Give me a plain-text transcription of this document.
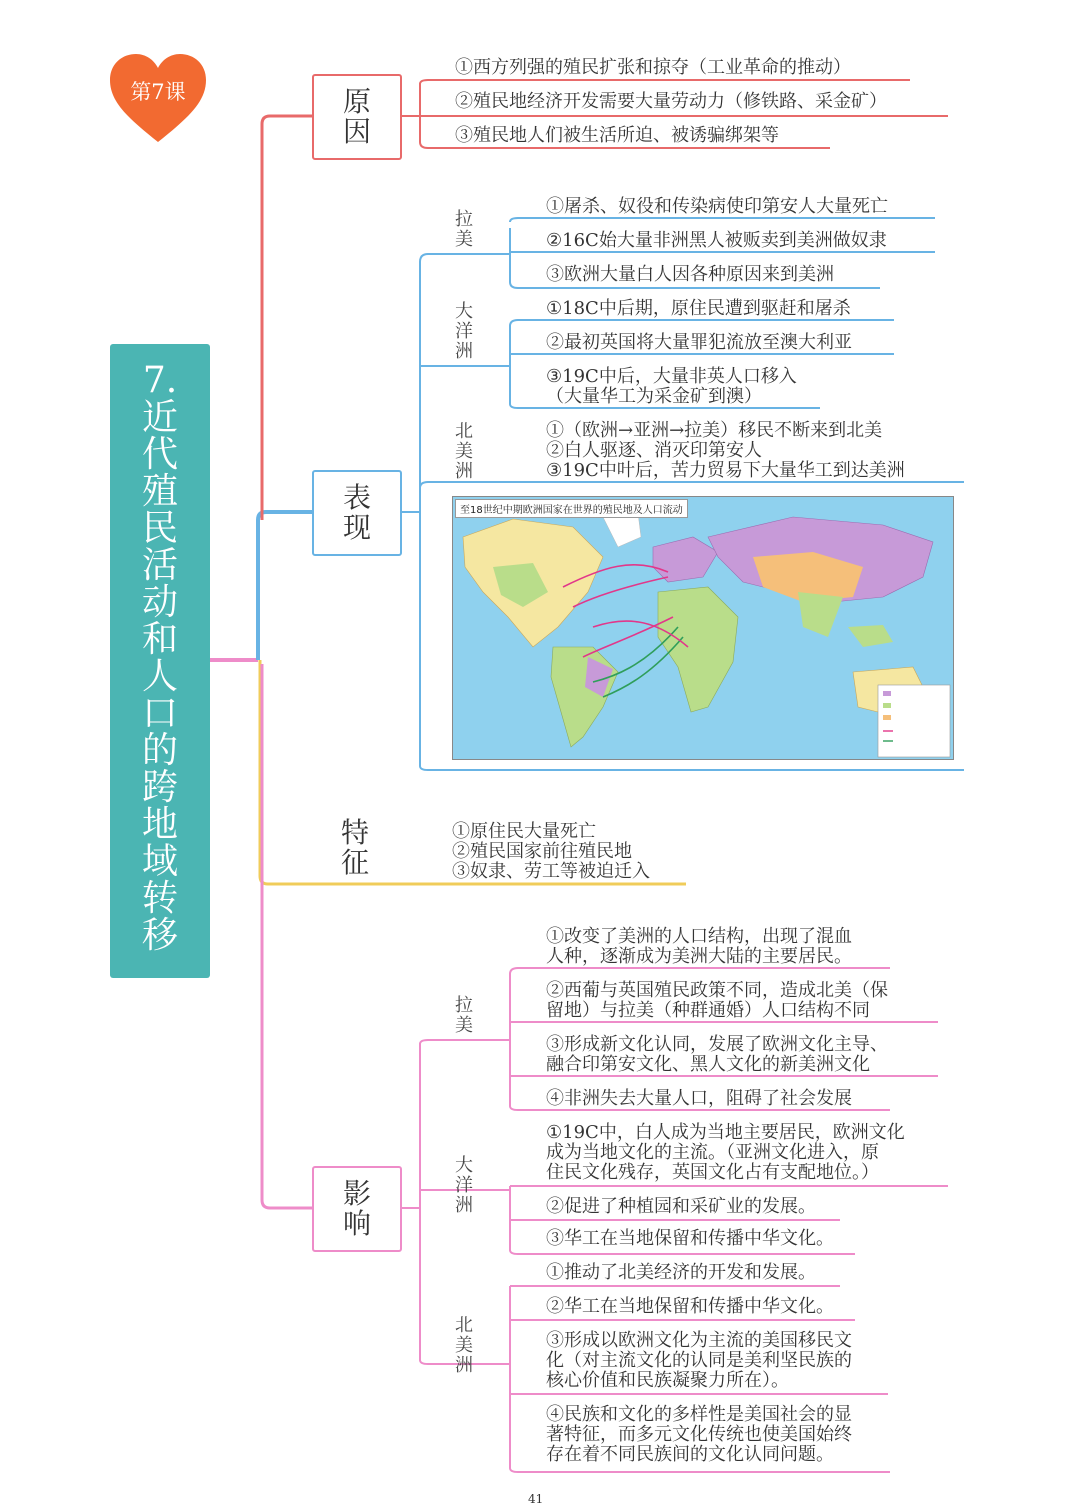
第7课
7.
近代殖民活动和人口的跨地域转移
原因
表现
特征
影响
①西方列强的殖民扩张和掠夺（工业革命的推动）
②殖民地经济开发需要大量劳动力（修铁路、采金矿）
③殖民地人们被生活所迫、被诱骗绑架等
拉美
大洋洲
北美洲
①屠杀、奴役和传染病使印第安人大量死亡
②16C始大量非洲黑人被贩卖到美洲做奴隶
③欧洲大量白人因各种原因来到美洲
①18C中后期，原住民遭到驱赶和屠杀
②最初英国将大量罪犯流放至澳大利亚
③19C中后，大量非英人口移入
（大量华工为采金矿到澳）
①（欧洲→亚洲→拉美）移民不断来到北美
②白人驱逐、消灭印第安人
③19C中叶后，苦力贸易下大量华工到达美洲
至18世纪中期欧洲国家在世界的殖民地及人口流动
①原住民大量死亡
②殖民国家前往殖民地
③奴隶、劳工等被迫迁入
拉美
大洋洲
北美洲
①改变了美洲的人口结构，出现了混血
人种，逐渐成为美洲大陆的主要居民。
②西葡与英国殖民政策不同，造成北美（保
留地）与拉美（种群通婚）人口结构不同
③形成新文化认同，发展了欧洲文化主导、
融合印第安文化、黑人文化的新美洲文化
④非洲失去大量人口，阻碍了社会发展
①19C中，白人成为当地主要居民，欧洲文化
成为当地文化的主流。（亚洲文化进入，原
住民文化残存，英国文化占有支配地位。）
②促进了种植园和采矿业的发展。
③华工在当地保留和传播中华文化。
①推动了北美经济的开发和发展。
②华工在当地保留和传播中华文化。
③形成以欧洲文化为主流的美国移民文
化（对主流文化的认同是美利坚民族的
核心价值和民族凝聚力所在）。
④民族和文化的多样性是美国社会的显
著特征，而多元文化传统也使美国始终
存在着不同民族间的文化认同问题。
41
